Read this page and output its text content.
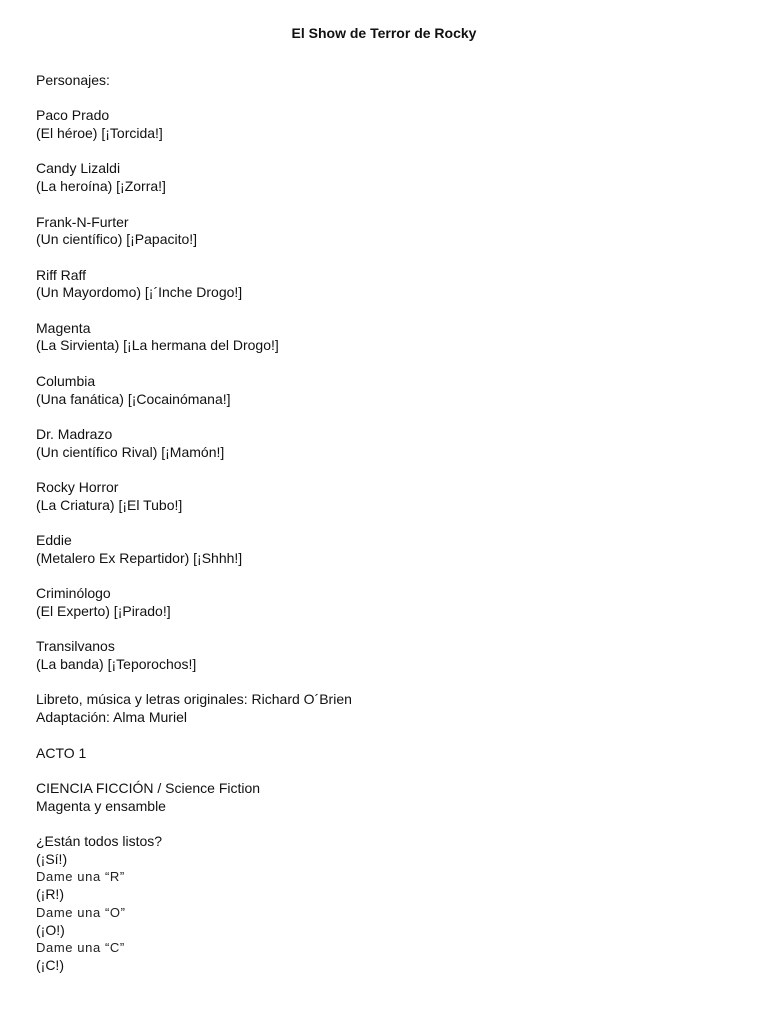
El Show de Terror de Rocky
Personajes:
Paco Prado
(El héroe) [¡Torcida!]
Candy Lizaldi
(La heroína) [¡Zorra!]
Frank-N-Furter
(Un científico) [¡Papacito!]
Riff Raff
(Un Mayordomo) [¡´Inche Drogo!]
Magenta
(La Sirvienta) [¡La hermana del Drogo!]
Columbia
(Una fanática) [¡Cocainómana!]
Dr. Madrazo
(Un científico Rival) [¡Mamón!]
Rocky Horror
(La Criatura) [¡El Tubo!]
Eddie
(Metalero Ex Repartidor) [¡Shhh!]
Criminólogo
(El Experto) [¡Pirado!]
Transilvanos
(La banda) [¡Teporochos!]
Libreto, música y letras originales: Richard O´Brien
Adaptación: Alma Muriel
ACTO 1
CIENCIA FICCIÓN / Science Fiction
Magenta y ensamble
¿Están todos listos?
(¡Sí!)
Dame una “R”
(¡R!)
Dame una “O”
(¡O!)
Dame una “C”
(¡C!)
